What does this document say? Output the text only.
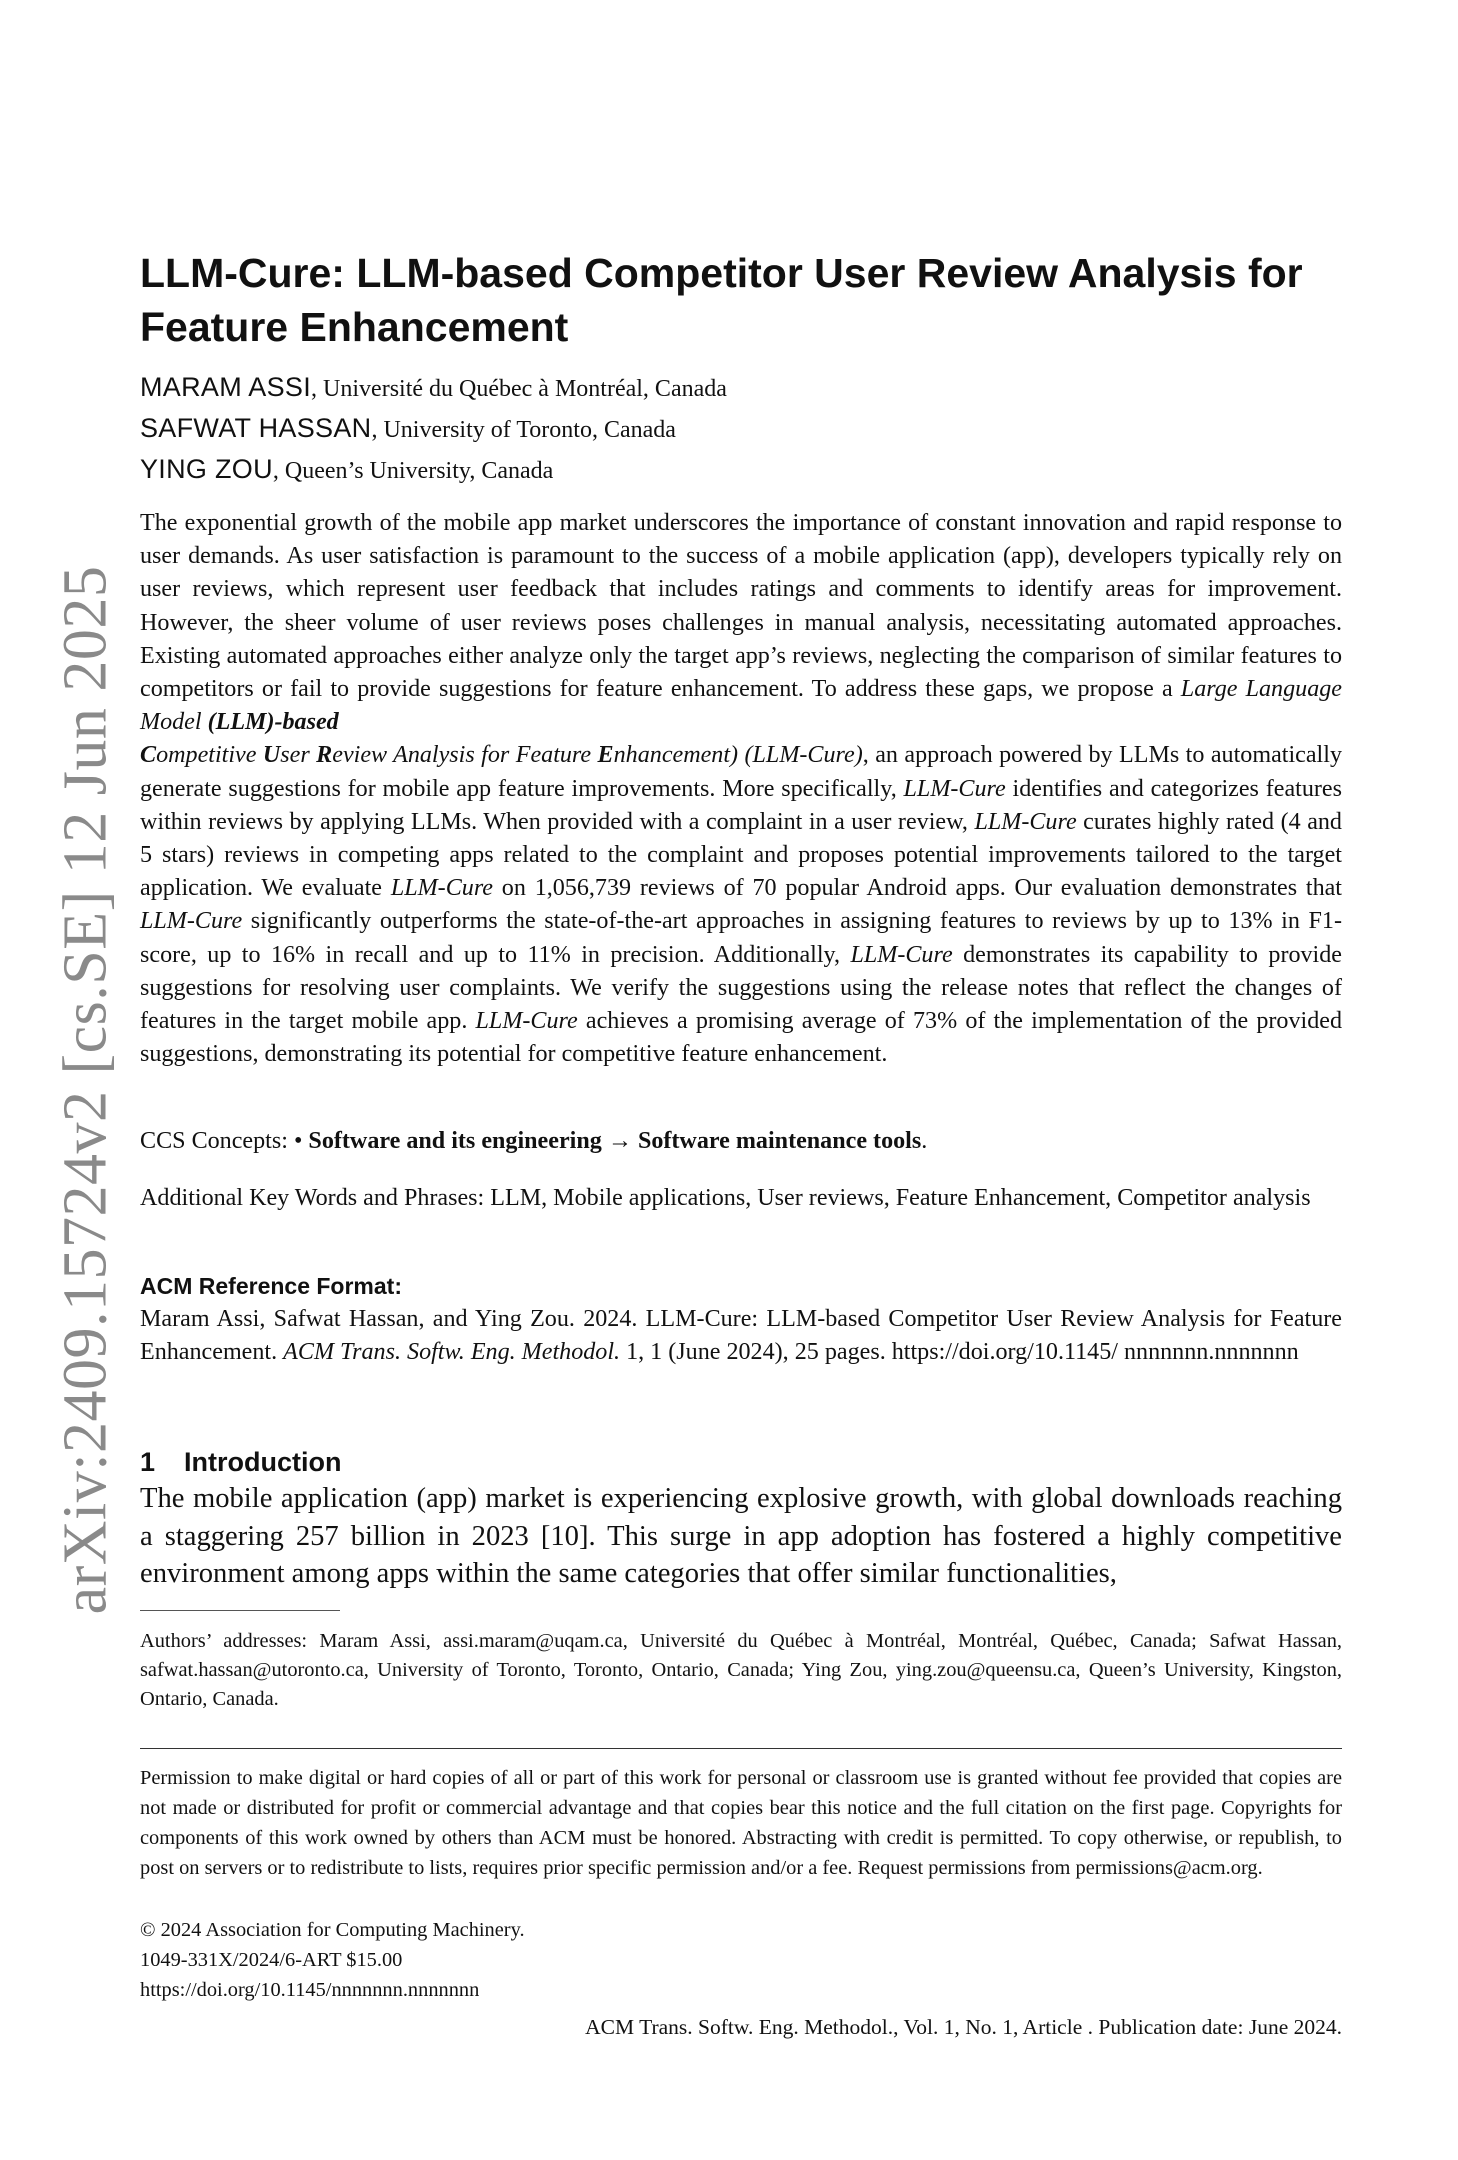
arXiv:2409.15724v2 [cs.SE] 12 Jun 2025
LLM-Cure: LLM-based Competitor User Review Analysis for
Feature Enhancement
MARAM ASSI, Université du Québec à Montréal, Canada
SAFWAT HASSAN, University of Toronto, Canada
YING ZOU, Queen’s University, Canada

The exponential growth of the mobile app market underscores the importance of constant innovation and rapid response to user demands. As user satisfaction is paramount to the success of a mobile application (app), developers typically rely on user reviews, which represent user feedback that includes ratings and comments to identify areas for improvement. However, the sheer volume of user reviews poses challenges in manual analysis, necessitating automated approaches. Existing automated approaches either analyze only the target app’s reviews, neglecting the comparison of similar features to competitors or fail to provide suggestions for feature enhancement. To address these gaps, we propose a Large Language Model (LLM)-based
Competitive User Review Analysis for Feature Enhancement) (LLM-Cure), an approach powered by LLMs to automatically generate suggestions for mobile app feature improvements. More specifically, LLM-Cure identifies and categorizes features within reviews by applying LLMs. When provided with a complaint in a user review, LLM-Cure curates highly rated (4 and 5 stars) reviews in competing apps related to the complaint and proposes potential improvements tailored to the target application. We evaluate LLM-Cure on 1,056,739 reviews of 70 popular Android apps. Our evaluation demonstrates that LLM-Cure significantly outperforms the state-of-the-art approaches in assigning features to reviews by up to 13% in F1-score, up to 16% in recall and up to 11% in precision. Additionally, LLM-Cure demonstrates its capability to provide suggestions for resolving user complaints. We verify the suggestions using the release notes that reflect the changes of features in the target mobile app. LLM-Cure achieves a promising average of 73% of the implementation of the provided suggestions, demonstrating its potential for competitive feature enhancement.

CCS Concepts: • Software and its engineering → Software maintenance tools.

Additional Key Words and Phrases: LLM, Mobile applications, User reviews, Feature Enhancement, Competitor analysis

ACM Reference Format:

Maram Assi, Safwat Hassan, and Ying Zou. 2024. LLM-Cure: LLM-based Competitor User Review Analysis for Feature Enhancement. ACM Trans. Softw. Eng. Methodol. 1, 1 (June 2024), 25 pages. https://doi.org/10.1145/ nnnnnnn.nnnnnnn

1 Introduction

The mobile application (app) market is experiencing explosive growth, with global downloads reaching a staggering 257 billion in 2023 [10]. This surge in app adoption has fostered a highly competitive environment among apps within the same categories that offer similar functionalities,

Authors’ addresses: Maram Assi, assi.maram@uqam.ca, Université du Québec à Montréal, Montréal, Québec, Canada; Safwat Hassan, safwat.hassan@utoronto.ca, University of Toronto, Toronto, Ontario, Canada; Ying Zou, ying.zou@queensu.ca, Queen’s University, Kingston, Ontario, Canada.

Permission to make digital or hard copies of all or part of this work for personal or classroom use is granted without fee provided that copies are not made or distributed for profit or commercial advantage and that copies bear this notice and the full citation on the first page. Copyrights for components of this work owned by others than ACM must be honored. Abstracting with credit is permitted. To copy otherwise, or republish, to post on servers or to redistribute to lists, requires prior specific permission and/or a fee. Request permissions from permissions@acm.org.

© 2024 Association for Computing Machinery.
1049-331X/2024/6-ART $15.00
https://doi.org/10.1145/nnnnnnn.nnnnnnn
ACM Trans. Softw. Eng. Methodol., Vol. 1, No. 1, Article . Publication date: June 2024.
